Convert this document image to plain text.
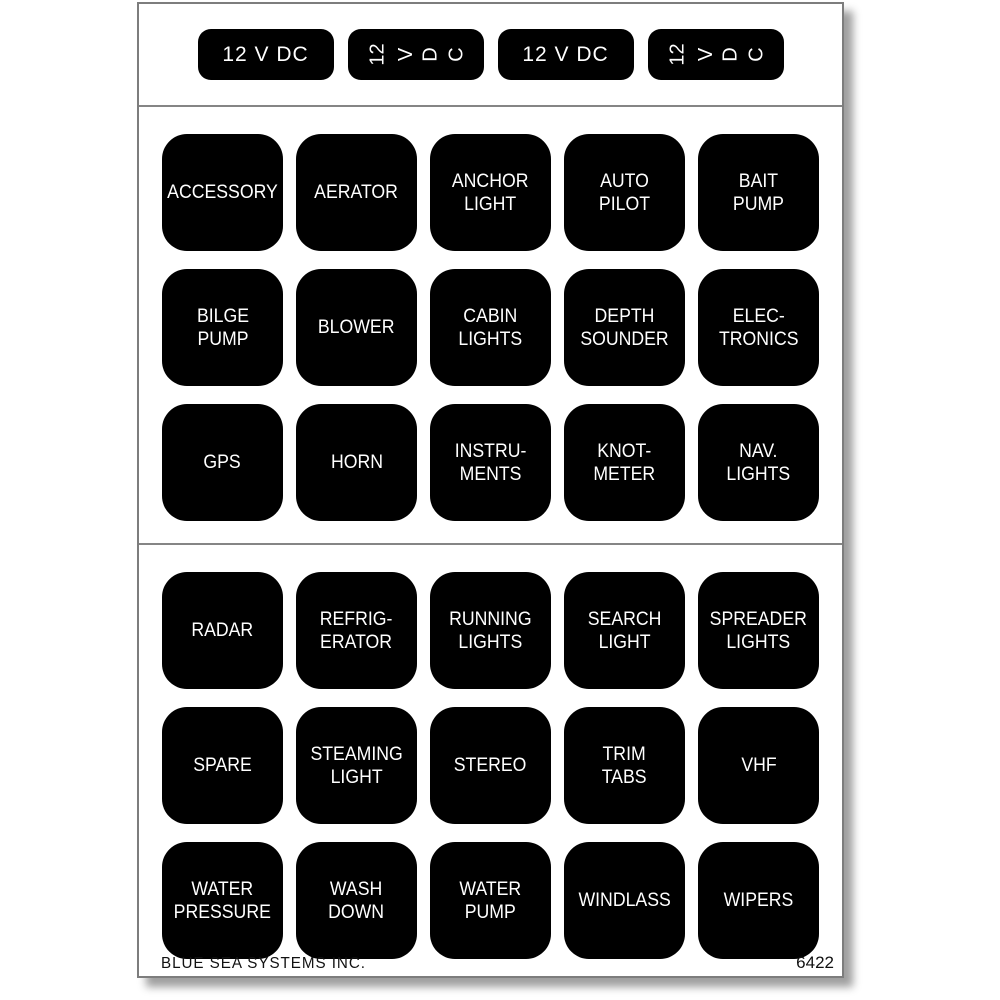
12 V DC	12 V D C	12 V DC	12 V D C
ACCESSORY AERATOR
ANCHOR
LIGHT
AUTO
PILOT
BAIT
PUMP
BILGE
PUMP
BLOWER
CABIN
LIGHTS
DEPTH
SOUNDER
ELEC-
TRONICS
GPS	HORN
INSTRU-
MENTS
KNOT-
METER
NAV.
LIGHTS
RADAR
REFRIG-
ERATOR
RUNNING
LIGHTS
SEARCH
LIGHT
SPREADER
LIGHTS
SPARE
STEAMING
LIGHT
STEREO
TRIM
TABS
VHF
WATER
PRESSURE
WASH
DOWN
WATER
PUMP
WINDLASS	WIPERS
BLUE SEA SYSTEMS INC.	6422
